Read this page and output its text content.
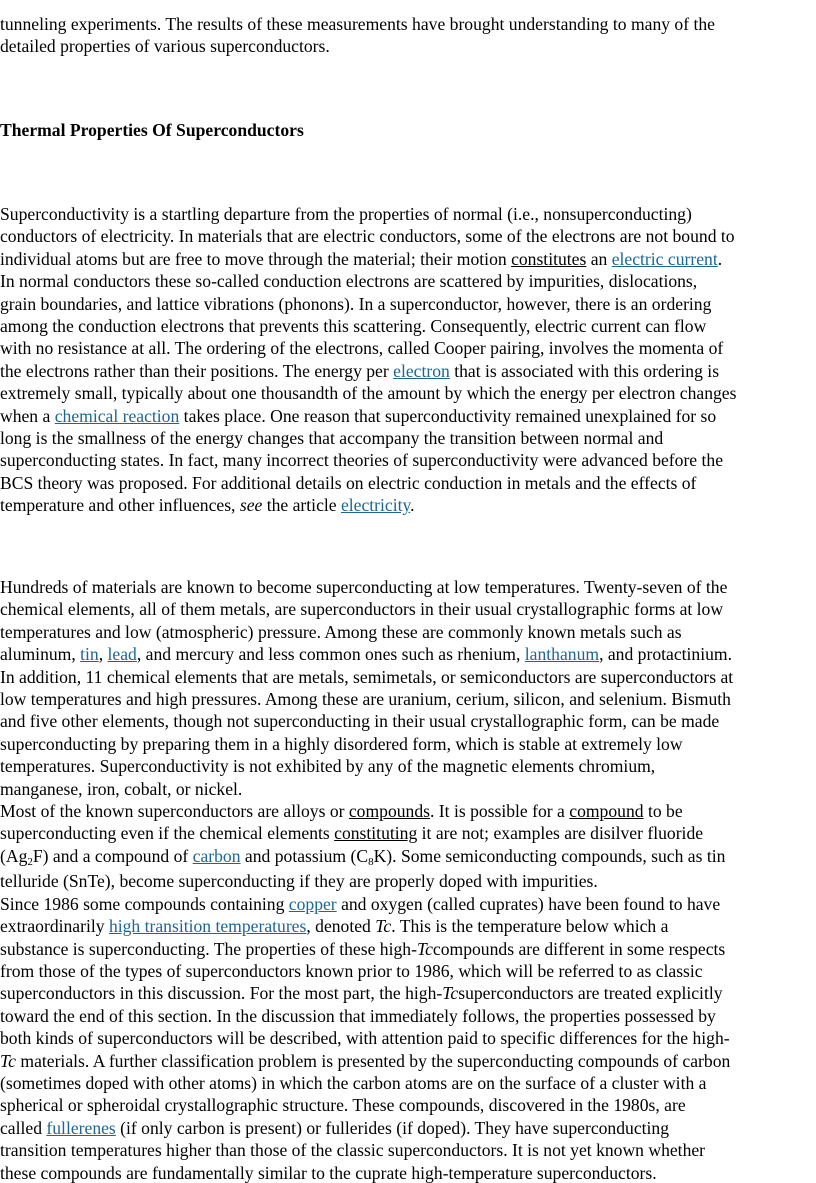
tunneling experiments. The results of these measurements have brought understanding to many of the
detailed properties of various superconductors.
Thermal Properties Of Superconductors
Superconductivity is a startling departure from the properties of normal (i.e., nonsuperconducting)
conductors of electricity. In materials that are electric conductors, some of the electrons are not bound to
individual atoms but are free to move through the material; their motion constitutes an electric current.
In normal conductors these so-called conduction electrons are scattered by impurities, dislocations,
grain boundaries, and lattice vibrations (phonons). In a superconductor, however, there is an ordering
among the conduction electrons that prevents this scattering. Consequently, electric current can flow
with no resistance at all. The ordering of the electrons, called Cooper pairing, involves the momenta of
the electrons rather than their positions. The energy per electron that is associated with this ordering is
extremely small, typically about one thousandth of the amount by which the energy per electron changes
when a chemical reaction takes place. One reason that superconductivity remained unexplained for so
long is the smallness of the energy changes that accompany the transition between normal and
superconducting states. In fact, many incorrect theories of superconductivity were advanced before the
BCS theory was proposed. For additional details on electric conduction in metals and the effects of
temperature and other influences, see the article electricity.
Hundreds of materials are known to become superconducting at low temperatures. Twenty-seven of the
chemical elements, all of them metals, are superconductors in their usual crystallographic forms at low
temperatures and low (atmospheric) pressure. Among these are commonly known metals such as
aluminum, tin, lead, and mercury and less common ones such as rhenium, lanthanum, and protactinium.
In addition, 11 chemical elements that are metals, semimetals, or semiconductors are superconductors at
low temperatures and high pressures. Among these are uranium, cerium, silicon, and selenium. Bismuth
and five other elements, though not superconducting in their usual crystallographic form, can be made
superconducting by preparing them in a highly disordered form, which is stable at extremely low
temperatures. Superconductivity is not exhibited by any of the magnetic elements chromium,
manganese, iron, cobalt, or nickel.
Most of the known superconductors are alloys or compounds. It is possible for a compound to be
superconducting even if the chemical elements constituting it are not; examples are disilver fluoride
$(Ag_2F)$ and a compound of carbon and potassium $(C_8K)$. Some semiconducting compounds, such as tin
telluride (SnTe), become superconducting if they are properly doped with impurities.
Since 1986 some compounds containing copper and oxygen (called cuprates) have been found to have
extraordinarily high transition temperatures, denoted Tc. This is the temperature below which a
substance is superconducting. The properties of these high-Tccompounds are different in some respects
from those of the types of superconductors known prior to 1986, which will be referred to as classic
superconductors in this discussion. For the most part, the high-Tcsuperconductors are treated explicitly
toward the end of this section. In the discussion that immediately follows, the properties possessed by
both kinds of superconductors will be described, with attention paid to specific differences for the high-
Tc materials. A further classification problem is presented by the superconducting compounds of carbon
(sometimes doped with other atoms) in which the carbon atoms are on the surface of a cluster with a
spherical or spheroidal crystallographic structure. These compounds, discovered in the 1980s, are
called fullerenes (if only carbon is present) or fullerides (if doped). They have superconducting
transition temperatures higher than those of the classic superconductors. It is not yet known whether
these compounds are fundamentally similar to the cuprate high-temperature superconductors.
